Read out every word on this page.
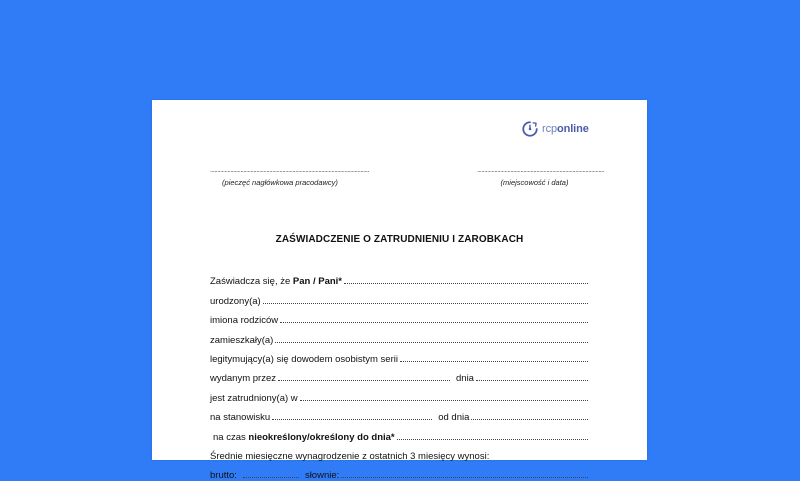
rcponline
..............................................................................................................
(pieczęć nagłówkowa pracodawcy)
........................................................................................
(miejscowość i data)
ZAŚWIADCZENIE O ZATRUDNIENIU I ZAROBKACH
Zaświadcza się, że Pan / Pani*
urodzony(a)
imiona rodziców
zamieszkały(a)
legitymujący(a) się dowodem osobistym serii
wydanym przez	dnia
jest zatrudniony(a) w
na stanowisku	od dnia
na czas nieokreślony/określony do dnia*
Średnie miesięczne wynagrodzenie z ostatnich 3 miesięcy wynosi:
brutto:	słownie:
